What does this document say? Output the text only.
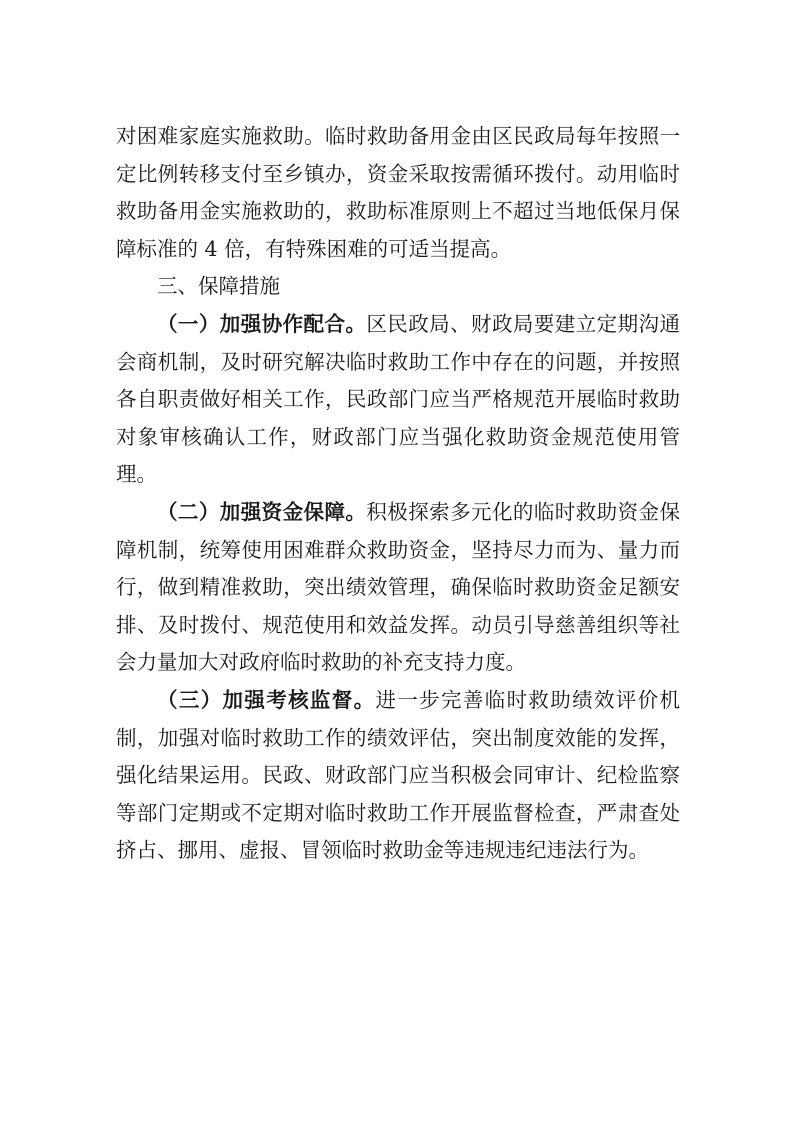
对困难家庭实施救助。临时救助备用金由区民政局每年按照一定比例转移支付至乡镇办，资金采取按需循环拨付。动用临时救助备用金实施救助的，救助标准原则上不超过当地低保月保障标准的 4 倍，有特殊困难的可适当提高。

三、保障措施

（一）加强协作配合。区民政局、财政局要建立定期沟通会商机制，及时研究解决临时救助工作中存在的问题，并按照各自职责做好相关工作，民政部门应当严格规范开展临时救助对象审核确认工作，财政部门应当强化救助资金规范使用管理。

（二）加强资金保障。积极探索多元化的临时救助资金保障机制，统筹使用困难群众救助资金，坚持尽力而为、量力而行，做到精准救助，突出绩效管理，确保临时救助资金足额安排、及时拨付、规范使用和效益发挥。动员引导慈善组织等社会力量加大对政府临时救助的补充支持力度。

（三）加强考核监督。进一步完善临时救助绩效评价机制，加强对临时救助工作的绩效评估，突出制度效能的发挥，强化结果运用。民政、财政部门应当积极会同审计、纪检监察等部门定期或不定期对临时救助工作开展监督检查，严肃查处挤占、挪用、虚报、冒领临时救助金等违规违纪违法行为。
